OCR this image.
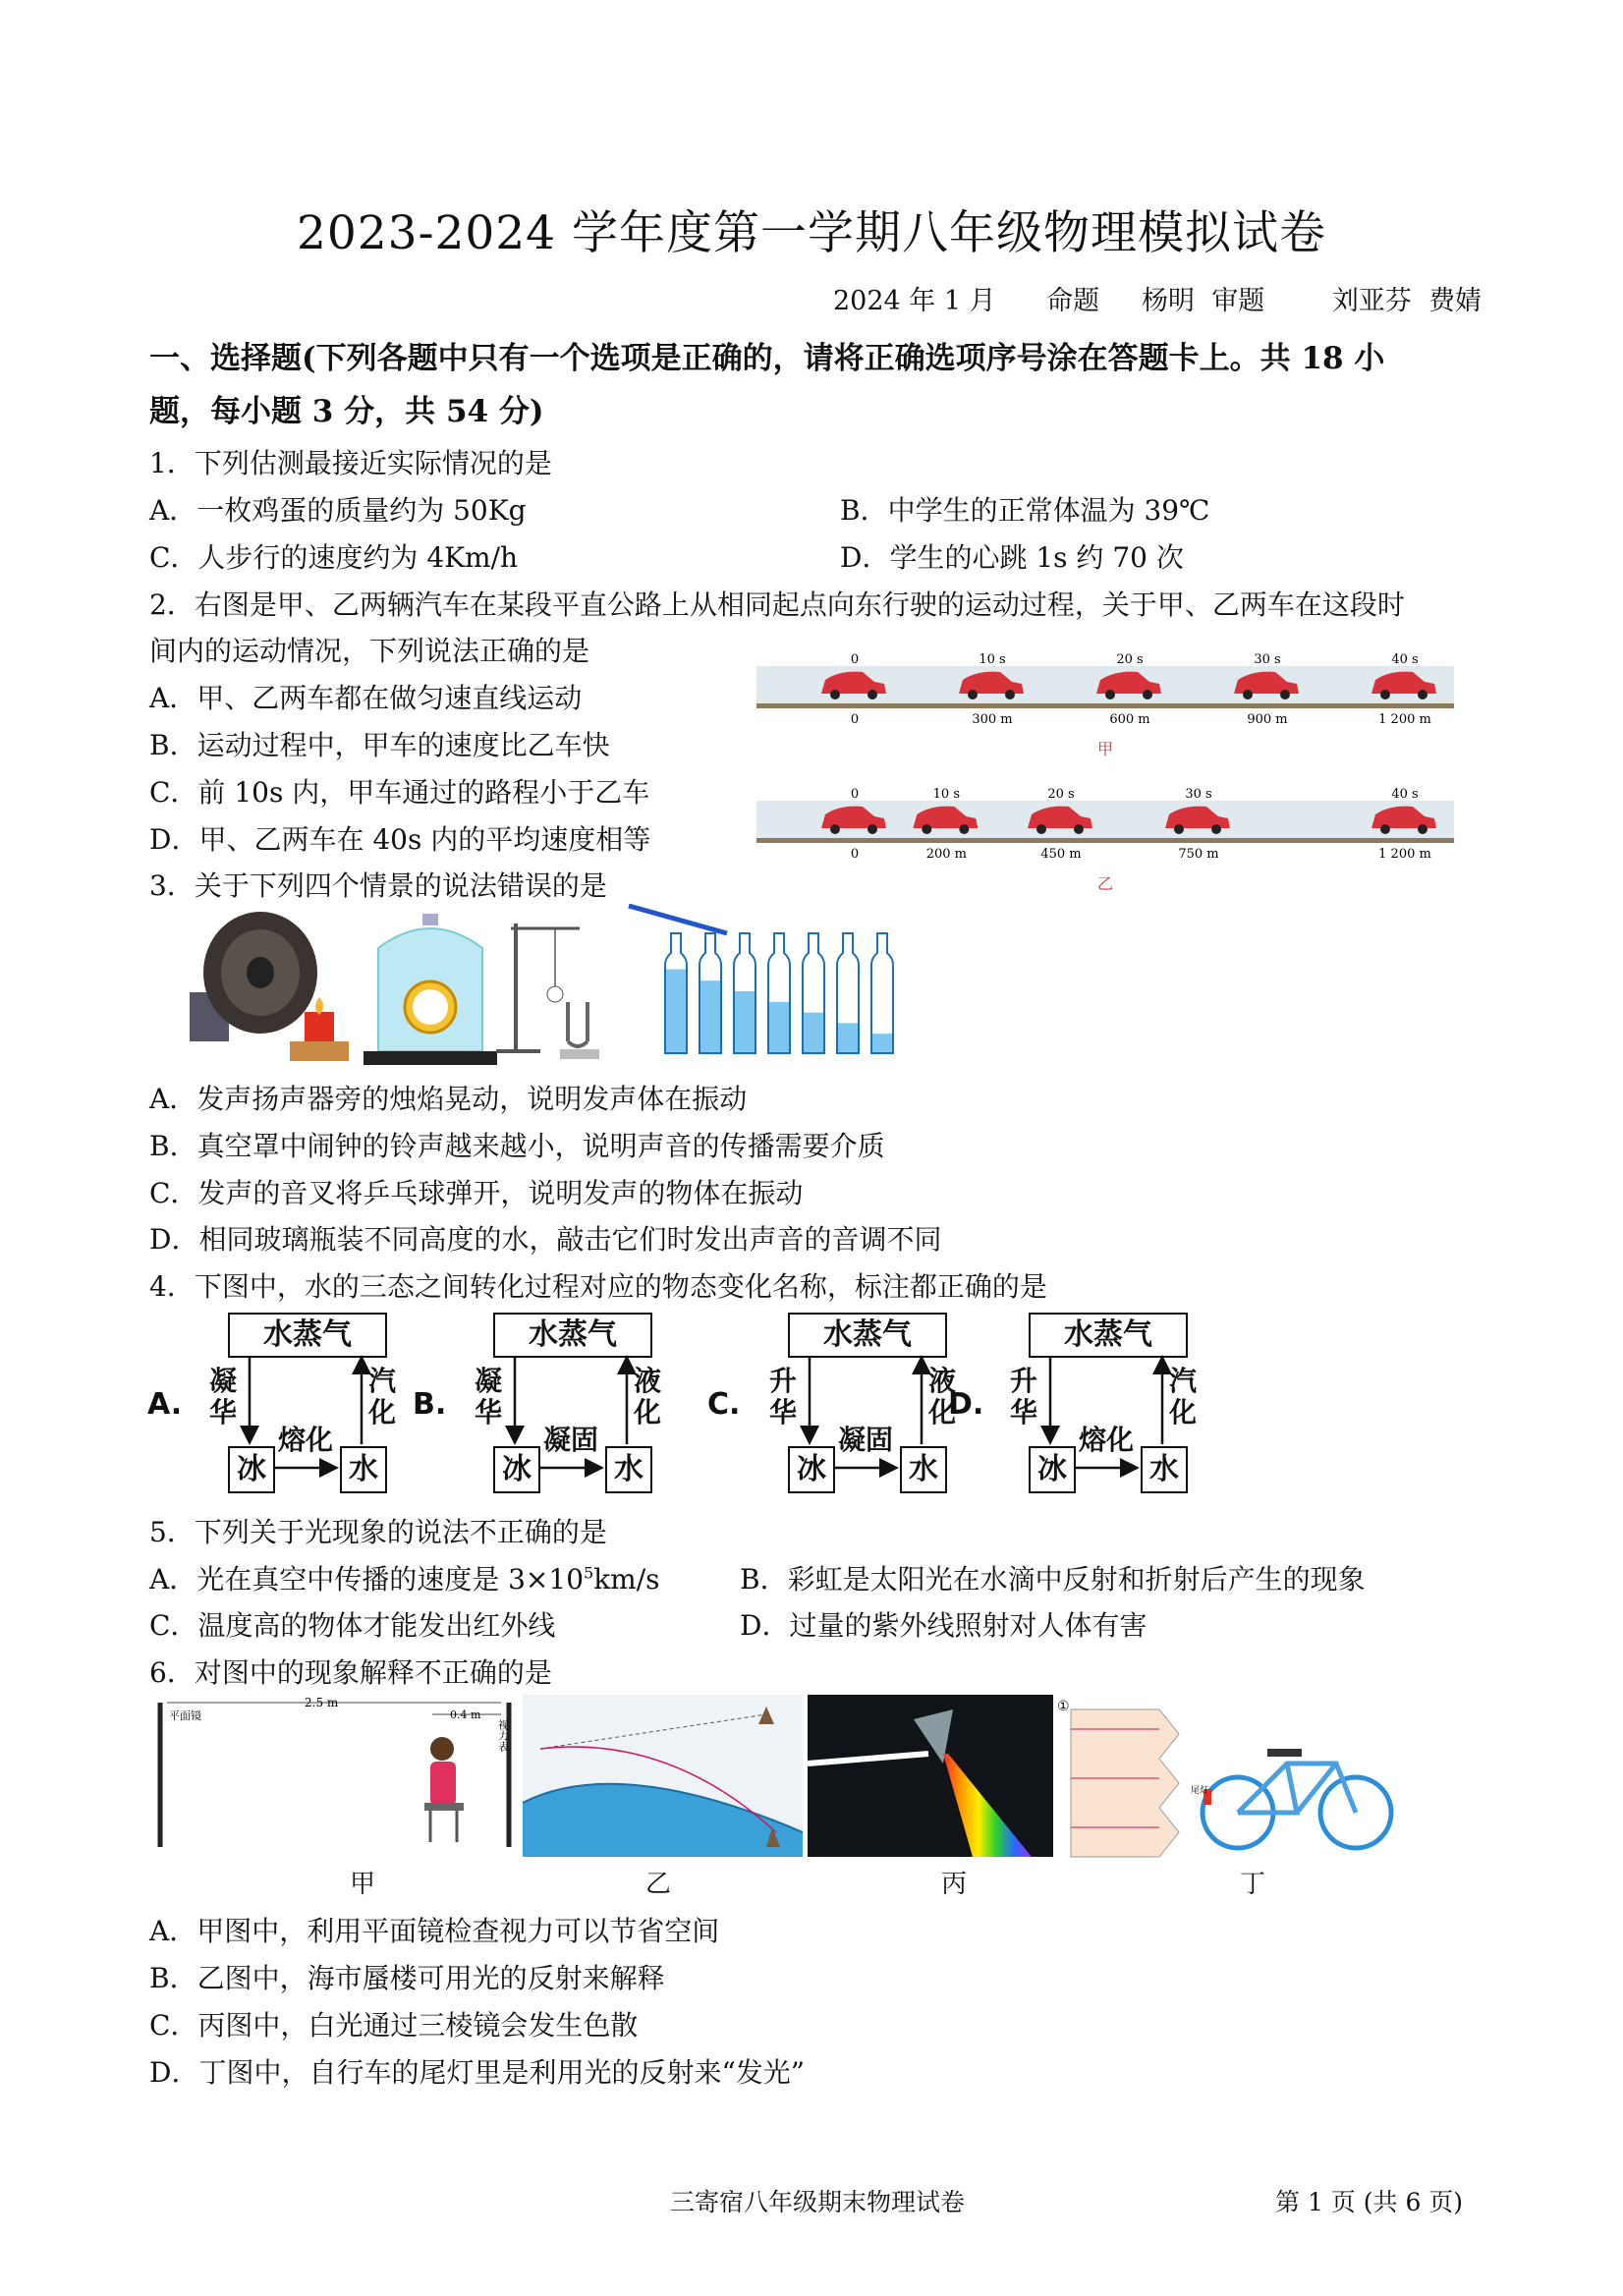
2023-2024 学年度第一学期八年级物理模拟试卷
2024 年 1 月      命题     杨明  审题        刘亚芬  费婧
一、选择题(下列各题中只有一个选项是正确的，请将正确选项序号涂在答题卡上。共 18 小
题，每小题 3 分，共 54 分)
1．下列估测最接近实际情况的是
A．一枚鸡蛋的质量约为 50Kg	B．中学生的正常体温为 39℃
C．人步行的速度约为 4Km/h	D．学生的心跳 1s 约 70 次
2．右图是甲、乙两辆汽车在某段平直公路上从相同起点向东行驶的运动过程，关于甲、乙两车在这段时
间内的运动情况，下列说法正确的是
A．甲、乙两车都在做匀速直线运动
B．运动过程中，甲车的速度比乙车快
C．前 10s 内，甲车通过的路程小于乙车
D．甲、乙两车在 40s 内的平均速度相等
0
0
10 s
300 m
20 s
600 m
30 s
900 m
40 s
1 200 m
0
0
10 s
200 m
20 s
450 m
30 s
750 m
40 s
1 200 m
甲
乙
3．关于下列四个情景的说法错误的是
A．发声扬声器旁的烛焰晃动，说明发声体在振动
B．真空罩中闹钟的铃声越来越小，说明声音的传播需要介质
C．发声的音叉将乒乓球弹开，说明发声的物体在振动
D．相同玻璃瓶装不同高度的水，敲击它们时发出声音的音调不同
4．下图中，水的三态之间转化过程对应的物态变化名称，标注都正确的是
A.
水蒸气
冰	水
凝
华
汽
化
熔化
B.
水蒸气
冰	水
凝
华
液
化
凝固
C.
水蒸气
冰	水
升
华
液
化
凝固
D.
水蒸气
冰	水
升
华
汽
化
熔化
5．下列关于光现象的说法不正确的是
A．光在真空中传播的速度是 $3\times 10^5km/s$	B．彩虹是太阳光在水滴中反射和折射后产生的现象
C．温度高的物体才能发出红外线	D．过量的紫外线照射对人体有害
6．对图中的现象解释不正确的是
2.5 m
0.4 m
平面镜
视力表
①
尾灯
甲	乙	丙	丁
A．甲图中，利用平面镜检查视力可以节省空间
B．乙图中，海市蜃楼可用光的反射来解释
C．丙图中，白光通过三棱镜会发生色散
D．丁图中，自行车的尾灯里是利用光的反射来“发光”
三寄宿八年级期末物理试卷	第 1 页 (共 6 页)
